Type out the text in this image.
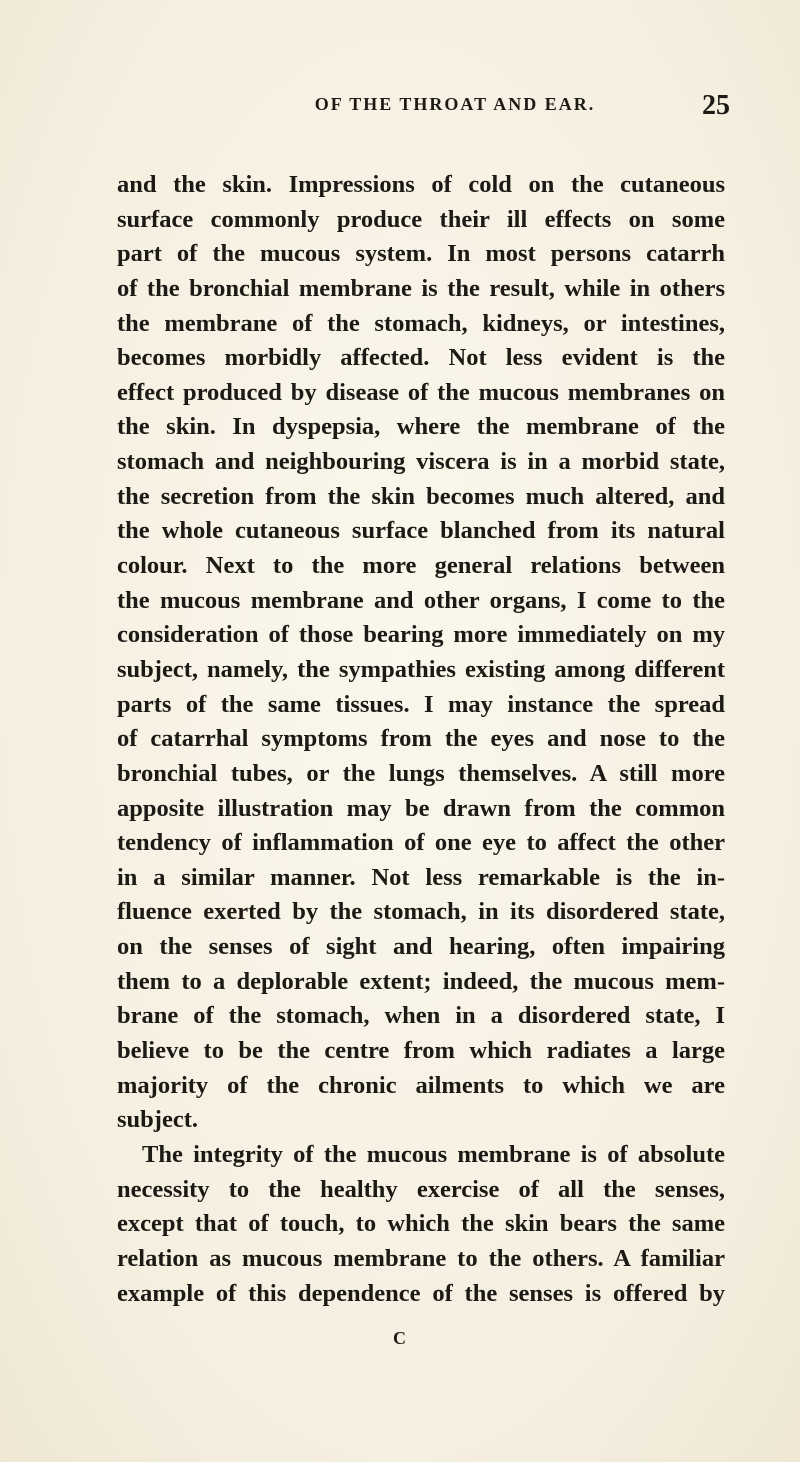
OF THE THROAT AND EAR.	25
and the skin. Impressions of cold on the cutaneous
surface commonly produce their ill effects on some
part of the mucous system. In most persons catarrh
of the bronchial membrane is the result, while in others
the membrane of the stomach, kidneys, or intestines,
becomes morbidly affected. Not less evident is the
effect produced by disease of the mucous membranes on
the skin. In dyspepsia, where the membrane of the
stomach and neighbouring viscera is in a morbid state,
the secretion from the skin becomes much altered, and
the whole cutaneous surface blanched from its natural
colour. Next to the more general relations between
the mucous membrane and other organs, I come to the
consideration of those bearing more immediately on my
subject, namely, the sympathies existing among different
parts of the same tissues. I may instance the spread
of catarrhal symptoms from the eyes and nose to the
bronchial tubes, or the lungs themselves. A still more
apposite illustration may be drawn from the common
tendency of inflammation of one eye to affect the other
in a similar manner. Not less remarkable is the in-
fluence exerted by the stomach, in its disordered state,
on the senses of sight and hearing, often impairing
them to a deplorable extent; indeed, the mucous mem-
brane of the stomach, when in a disordered state, I
believe to be the centre from which radiates a large
majority of the chronic ailments to which we are
subject.
The integrity of the mucous membrane is of absolute
necessity to the healthy exercise of all the senses,
except that of touch, to which the skin bears the same
relation as mucous membrane to the others. A familiar
example of this dependence of the senses is offered by
C
